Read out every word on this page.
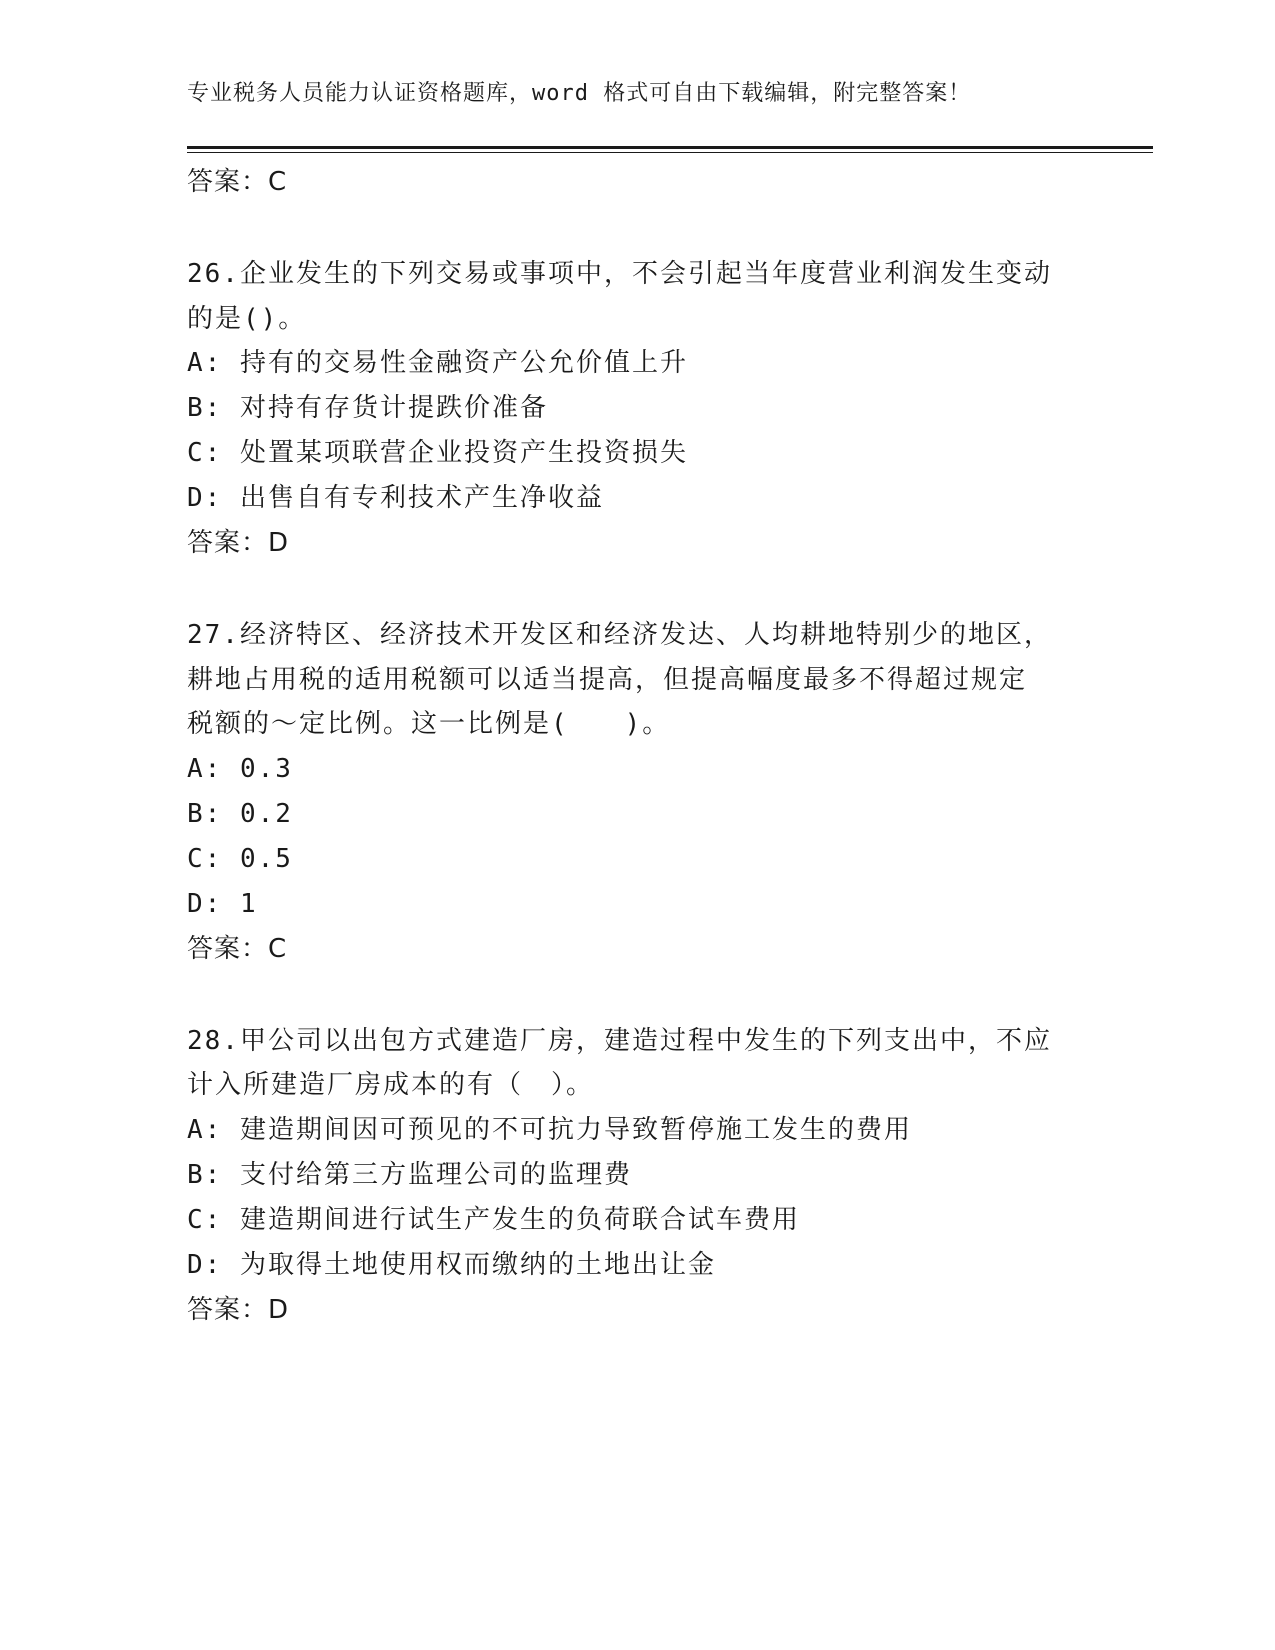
专业税务人员能力认证资格题库，word 格式可自由下载编辑，附完整答案！
答案：C
26.企业发生的下列交易或事项中，不会引起当年度营业利润发生变动
的是()。
A: 持有的交易性金融资产公允价值上升
B: 对持有存货计提跌价准备
C: 处置某项联营企业投资产生投资损失
D: 出售自有专利技术产生净收益
答案：D
27.经济特区、经济技术开发区和经济发达、人均耕地特别少的地区，
耕地占用税的适用税额可以适当提高，但提高幅度最多不得超过规定
税额的～定比例。这一比例是(　　)。
A: 0.3
B: 0.2
C: 0.5
D: 1
答案：C
28.甲公司以出包方式建造厂房，建造过程中发生的下列支出中，不应
计入所建造厂房成本的有（　）。
A: 建造期间因可预见的不可抗力导致暂停施工发生的费用
B: 支付给第三方监理公司的监理费
C: 建造期间进行试生产发生的负荷联合试车费用
D: 为取得土地使用权而缴纳的土地出让金
答案：D
